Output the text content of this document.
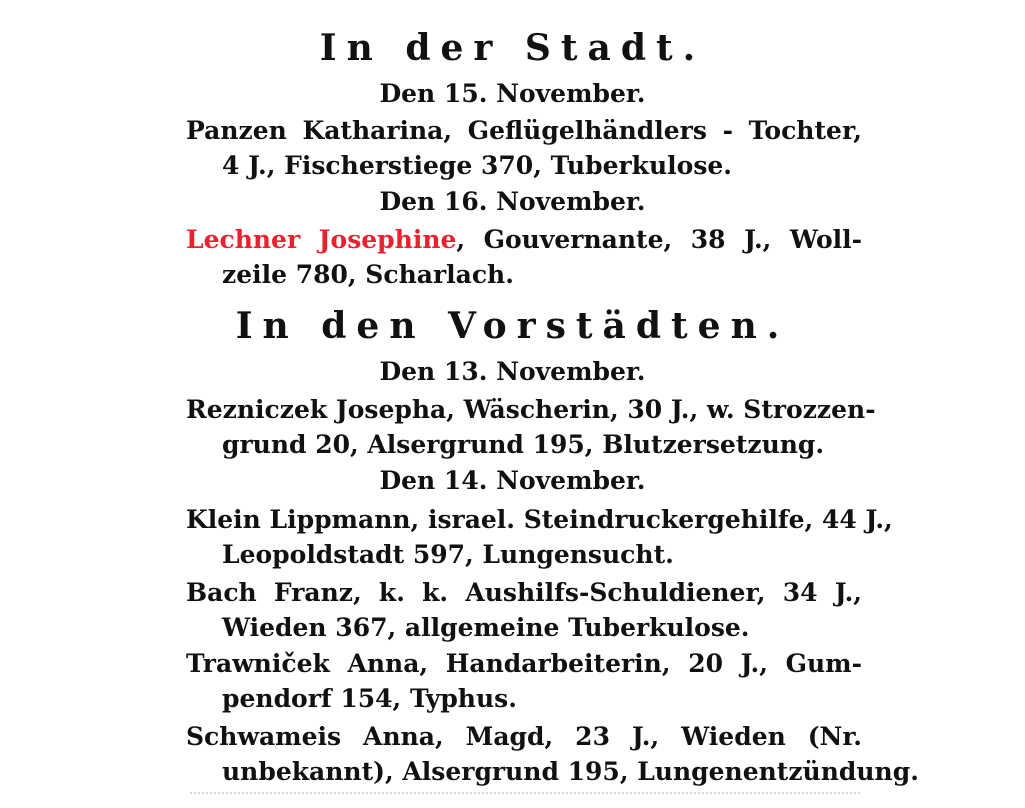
In der Stadt.
Den 15. November.
Panzen Katharina, Geflügelhändlers - Tochter,
4 J., Fischerstiege 370, Tuberkulose.
Den 16. November.
Lechner Josephine, Gouvernante, 38 J., Woll-
zeile 780, Scharlach.
In den Vorstädten.
Den 13. November.
Rezniczek Josepha, Wäscherin, 30 J., w. Strozzen-
grund 20, Alsergrund 195, Blutzersetzung.
Den 14. November.
Klein Lippmann, israel. Steindruckergehilfe, 44 J.,
Leopoldstadt 597, Lungensucht.
Bach Franz, k. k. Aushilfs-Schuldiener, 34 J.,
Wieden 367, allgemeine Tuberkulose.
Trawniček Anna, Handarbeiterin, 20 J., Gum-
pendorf 154, Typhus.
Schwameis Anna, Magd, 23 J., Wieden (Nr.
unbekannt), Alsergrund 195, Lungenentzündung.
